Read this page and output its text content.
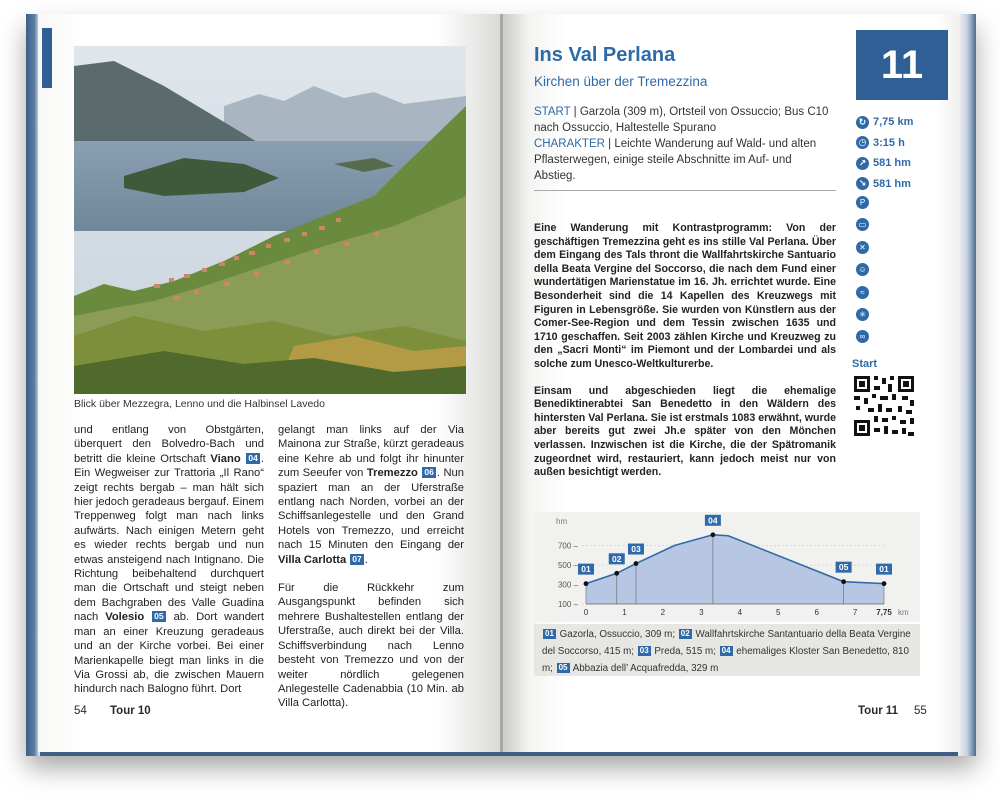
Blick über Mezzegra, Lenno und die Halbinsel Lavedo

und entlang von Obstgärten, überquert den Bolvedro-Bach und betritt die kleine Ortschaft Viano 04 . Ein Wegweiser zur Trattoria „Il Rano“ zeigt rechts bergab – man hält sich hier jedoch geradeaus bergauf. Einem Treppenweg folgt man nach links aufwärts. Nach einigen Metern geht es wieder rechts bergab und nun etwas ansteigend nach Intignano. Die Richtung beibehaltend durchquert man die Ortschaft und steigt neben dem Bachgraben des Valle Guadina nach Volesio 05 ab. Dort wandert man an einer Kreuzung geradeaus und an der Kirche vorbei. Bei einer Marienkapelle biegt man links in die Via Grossi ab, die zwischen Mauern hindurch nach Balogno führt. Dort

gelangt man links auf der Via Mainona zur Straße, kürzt geradeaus eine Kehre ab und folgt ihr hinunter zum Seeufer von Tremezzo 06 . Nun spaziert man an der Uferstraße entlang nach Norden, vorbei an der Schiffsanlegestelle und den Grand Hotels von Tremezzo, und erreicht nach 15 Minuten den Eingang der Villa Carlotta 07 .

Für die Rückkehr zum Ausgangspunkt befinden sich mehrere Bushaltestellen entlang der Uferstraße, auch direkt bei der Villa. Schiffsverbindung nach Lenno besteht von Tremezzo und von der weiter nördlich gelegenen Anlegestelle Cadenabbia (10 Min. ab Villa Carlotta).

54 Tour 10
Ins Val Perlana
Kirchen über der Tremezzina	11
START | Garzola (309 m), Ortsteil von Ossuccio; Bus C10 nach Ossuccio, Haltestelle Spurano
CHARAKTER | Leichte Wanderung auf Wald- und alten Pflasterwegen, einige steile Abschnitte im Auf- und Abstieg.
↻ 7,75 km
◷ 3:15 h
↗ 581 hm
↘ 581 hm
P
▭
✕
☺
≈
✳
∞
Start

Eine Wanderung mit Kontrastprogramm: Von der geschäftigen Tremezzina geht es ins stille Val Perlana. Über dem Eingang des Tals thront die Wallfahrtskirche Santuario della Beata Vergine del Soccorso, die nach dem Fund einer wundertätigen Marienstatue im 16. Jh. errichtet wurde. Eine Besonderheit sind die 14 Kapellen des Kreuzwegs mit Figuren in Lebensgröße. Sie wurden von Künstlern aus der Comer-See-Region und dem Tessin zwischen 1635 und 1710 geschaffen. Seit 2003 zählen Kirche und Kreuzweg zu den „Sacri Monti“ im Piemont und der Lombardei und als solche zum Unesco-Weltkulturerbe.

Einsam und abgeschieden liegt die ehemalige Benediktinerabtei San Benedetto in den Wäldern des hintersten Val Perlana. Sie ist erstmals 1083 erwähnt, wurde aber bereits gut zwei Jh.e später von den Mönchen verlassen. Inzwischen ist die Kirche, die der Spätromanik zugeordnet wird, restauriert, kann jedoch meist nur von außen besichtigt werden.

100 –
300 –
500 –
700 –
hm
0	1	2	3	4	5	6	7 7,75 km
01
02
03
04
05	01
01 Gazorla, Ossuccio, 309 m; 02 Wallfahrtskirche Santantuario della Beata Vergine del Soccorso, 415 m; 03 Preda, 515 m; 04 ehemaliges Kloster San Benedetto, 810 m; 05 Abbazia dell’ Acquafredda, 329 m
Tour 11 55
